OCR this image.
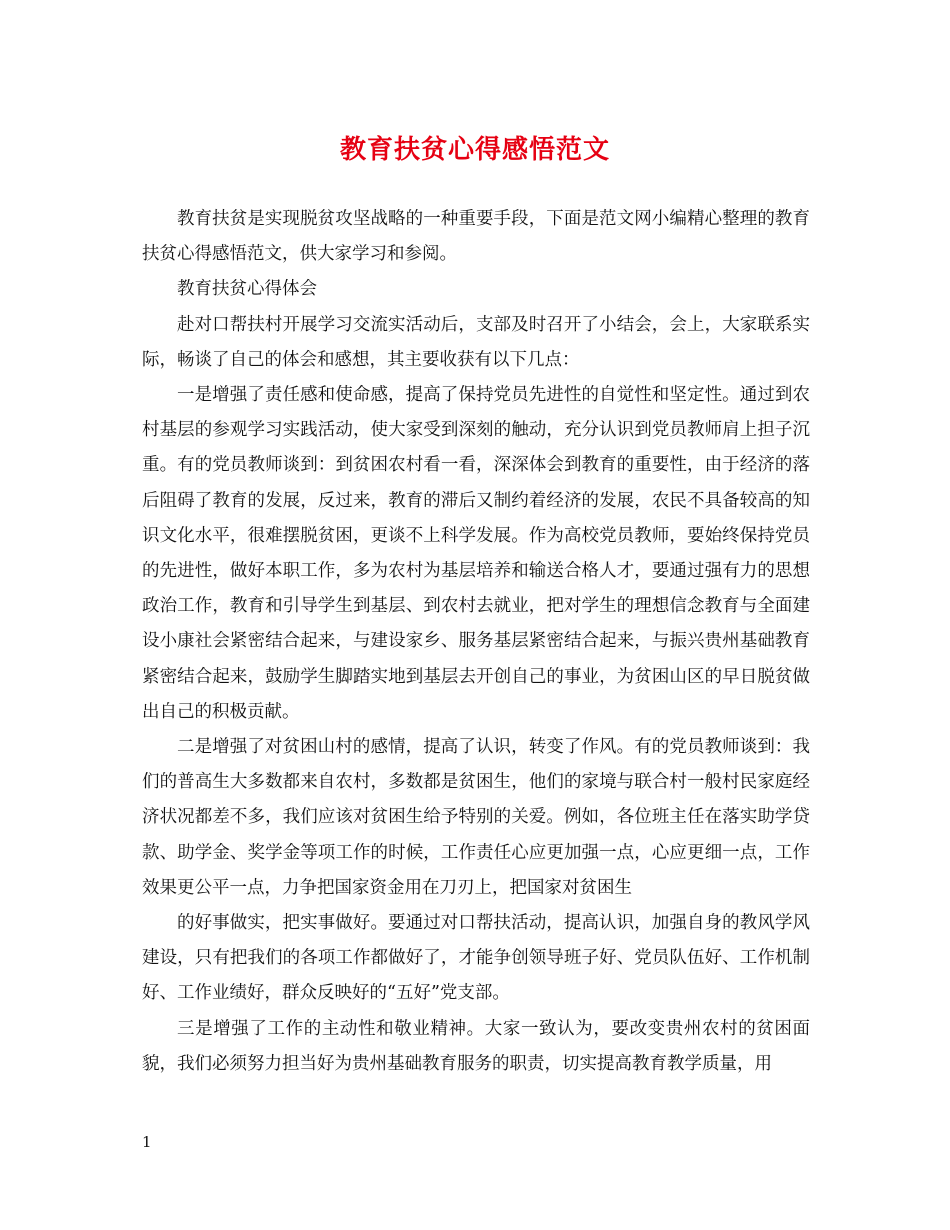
教育扶贫心得感悟范文

教育扶贫是实现脱贫攻坚战略的一种重要手段，下面是范文网小编精心整理的教育扶贫心得感悟范文，供大家学习和参阅。

教育扶贫心得体会

赴对口帮扶村开展学习交流实活动后，支部及时召开了小结会，会上，大家联系实际，畅谈了自己的体会和感想，其主要收获有以下几点：

一是增强了责任感和使命感，提高了保持党员先进性的自觉性和坚定性。通过到农村基层的参观学习实践活动，使大家受到深刻的触动，充分认识到党员教师肩上担子沉重。有的党员教师谈到：到贫困农村看一看，深深体会到教育的重要性，由于经济的落后阻碍了教育的发展，反过来，教育的滞后又制约着经济的发展，农民不具备较高的知识文化水平，很难摆脱贫困，更谈不上科学发展。作为高校党员教师，要始终保持党员的先进性，做好本职工作，多为农村为基层培养和输送合格人才，要通过强有力的思想政治工作，教育和引导学生到基层、到农村去就业，把对学生的理想信念教育与全面建设小康社会紧密结合起来，与建设家乡、服务基层紧密结合起来，与振兴贵州基础教育紧密结合起来，鼓励学生脚踏实地到基层去开创自己的事业，为贫困山区的早日脱贫做出自己的积极贡献。

二是增强了对贫困山村的感情，提高了认识，转变了作风。有的党员教师谈到：我们的普高生大多数都来自农村，多数都是贫困生，他们的家境与联合村一般村民家庭经济状况都差不多，我们应该对贫困生给予特别的关爱。例如，各位班主任在落实助学贷款、助学金、奖学金等项工作的时候，工作责任心应更加强一点，心应更细一点，工作效果更公平一点，力争把国家资金用在刀刃上，把国家对贫困生

的好事做实，把实事做好。要通过对口帮扶活动，提高认识，加强自身的教风学风建设，只有把我们的各项工作都做好了，才能争创领导班子好、党员队伍好、工作机制好、工作业绩好，群众反映好的“五好”党支部。

三是增强了工作的主动性和敬业精神。大家一致认为，要改变贵州农村的贫困面貌，我们必须努力担当好为贵州基础教育服务的职责，切实提高教育教学质量，用

1
